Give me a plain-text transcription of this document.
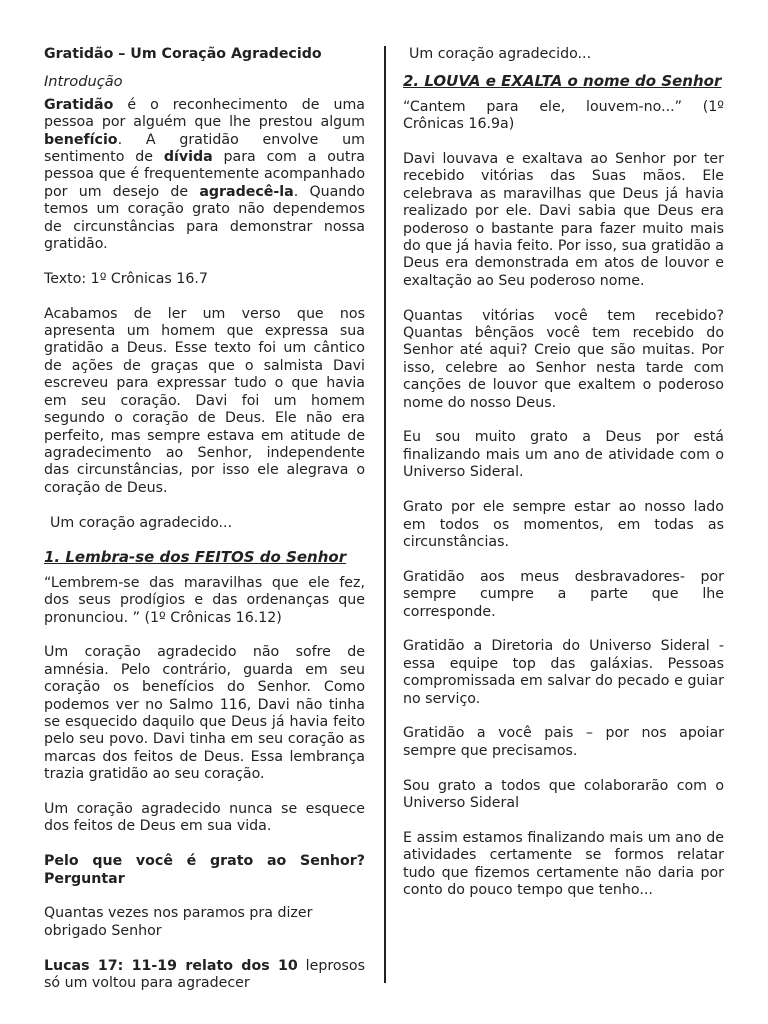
Gratidão – Um Coração Agradecido

Introdução

Gratidão é o reconhecimento de uma pessoa por alguém que lhe prestou algum benefício. A gratidão envolve um sentimento de dívida para com a outra pessoa que é frequentemente acompanhado por um desejo de agradecê-la. Quando temos um coração grato não dependemos de circunstâncias para demonstrar nossa gratidão.

Texto: 1º Crônicas 16.7

Acabamos de ler um verso que nos apresenta um homem que expressa sua gratidão a Deus. Esse texto foi um cântico de ações de graças que o salmista Davi escreveu para expressar tudo o que havia em seu coração. Davi foi um homem segundo o coração de Deus. Ele não era perfeito, mas sempre estava em atitude de agradecimento ao Senhor, independente das circunstâncias, por isso ele alegrava o coração de Deus.

Um coração agradecido...

1. Lembra-se dos FEITOS do Senhor

“Lembrem-se das maravilhas que ele fez, dos seus prodígios e das ordenanças que pronunciou. ” (1º Crônicas 16.12)

Um coração agradecido não sofre de amnésia. Pelo contrário, guarda em seu coração os benefícios do Senhor. Como podemos ver no Salmo 116, Davi não tinha se esquecido daquilo que Deus já havia feito pelo seu povo. Davi tinha em seu coração as marcas dos feitos de Deus. Essa lembrança trazia gratidão ao seu coração.

Um coração agradecido nunca se esquece dos feitos de Deus em sua vida.

Pelo que você é grato ao Senhor? Perguntar

Quantas vezes nos paramos pra dizer obrigado Senhor

Lucas 17: 11-19 relato dos 10 leprosos só um voltou para agradecer

Um coração agradecido...

2. LOUVA e EXALTA o nome do Senhor

“Cantem para ele, louvem-no...” (1º Crônicas 16.9a)

Davi louvava e exaltava ao Senhor por ter recebido vitórias das Suas mãos. Ele celebrava as maravilhas que Deus já havia realizado por ele. Davi sabia que Deus era poderoso o bastante para fazer muito mais do que já havia feito. Por isso, sua gratidão a Deus era demonstrada em atos de louvor e exaltação ao Seu poderoso nome.

Quantas vitórias você tem recebido? Quantas bênçãos você tem recebido do Senhor até aqui? Creio que são muitas. Por isso, celebre ao Senhor nesta tarde com canções de louvor que exaltem o poderoso nome do nosso Deus.

Eu sou muito grato a Deus por está finalizando mais um ano de atividade com o Universo Sideral.

Grato por ele sempre estar ao nosso lado em todos os momentos, em todas as circunstâncias.

Gratidão aos meus desbravadores- por sempre cumpre a parte que lhe corresponde.

Gratidão a Diretoria do Universo Sideral - essa equipe top das galáxias. Pessoas compromissada em salvar do pecado e guiar no serviço.

Gratidão a você pais – por nos apoiar sempre que precisamos.

Sou grato a todos que colaborarão com o Universo Sideral

E assim estamos finalizando mais um ano de atividades certamente se formos relatar tudo que fizemos certamente não daria por conto do pouco tempo que tenho...
